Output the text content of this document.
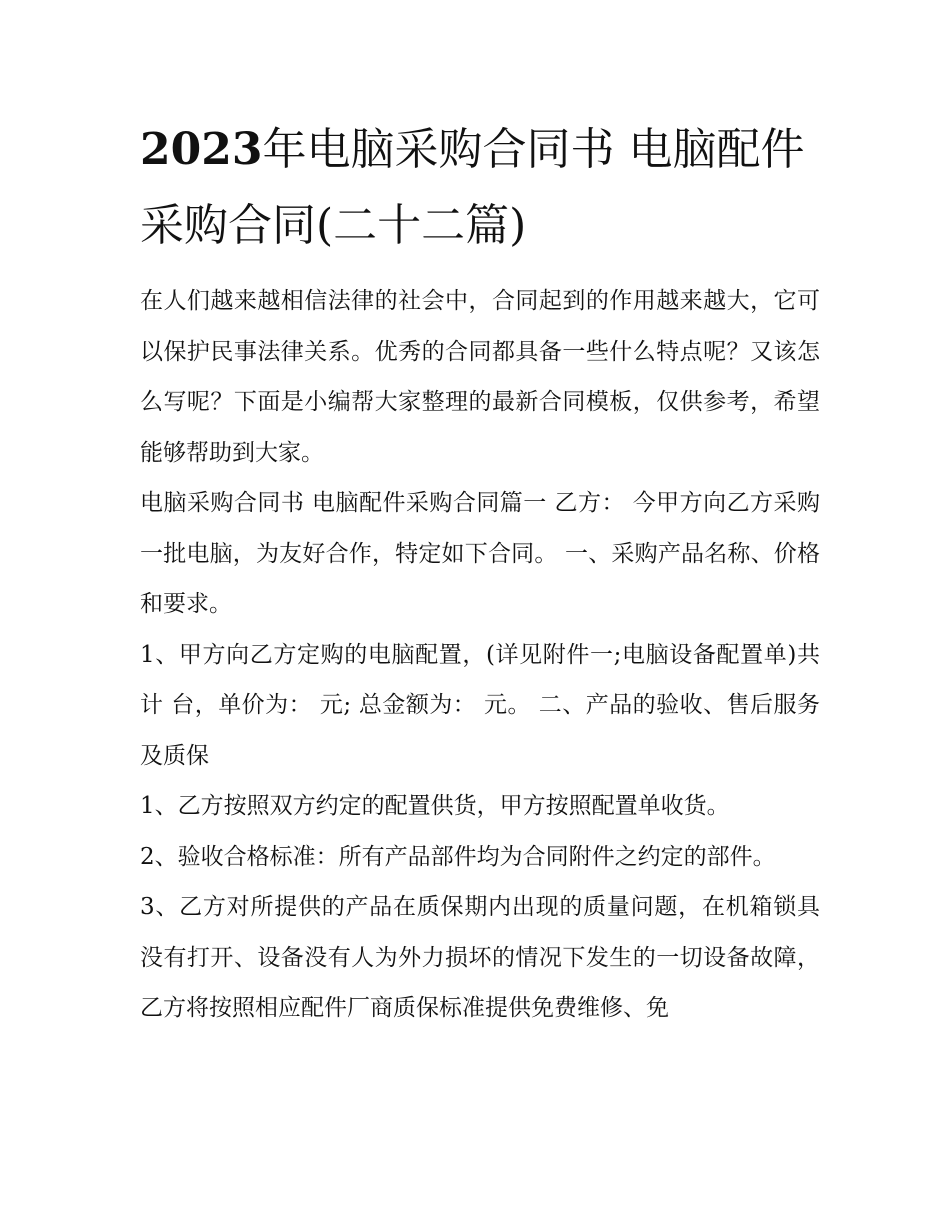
2023年电脑采购合同书 电脑配件采购合同(二十二篇)

在人们越来越相信法律的社会中，合同起到的作用越来越大，它可以保护民事法律关系。优秀的合同都具备一些什么特点呢？又该怎么写呢？下面是小编帮大家整理的最新合同模板，仅供参考，希望能够帮助到大家。

电脑采购合同书 电脑配件采购合同篇一 乙方： 今甲方向乙方采购一批电脑，为友好合作，特定如下合同。 一、采购产品名称、价格和要求。

1、甲方向乙方定购的电脑配置，(详见附件一;电脑设备配置单)共计 台，单价为： 元; 总金额为： 元。 二、产品的验收、售后服务及质保

1、乙方按照双方约定的配置供货，甲方按照配置单收货。

2、验收合格标准：所有产品部件均为合同附件之约定的部件。

3、乙方对所提供的产品在质保期内出现的质量问题，在机箱锁具没有打开、设备没有人为外力损坏的情况下发生的一切设备故障，乙方将按照相应配件厂商质保标准提供免费维修、免
